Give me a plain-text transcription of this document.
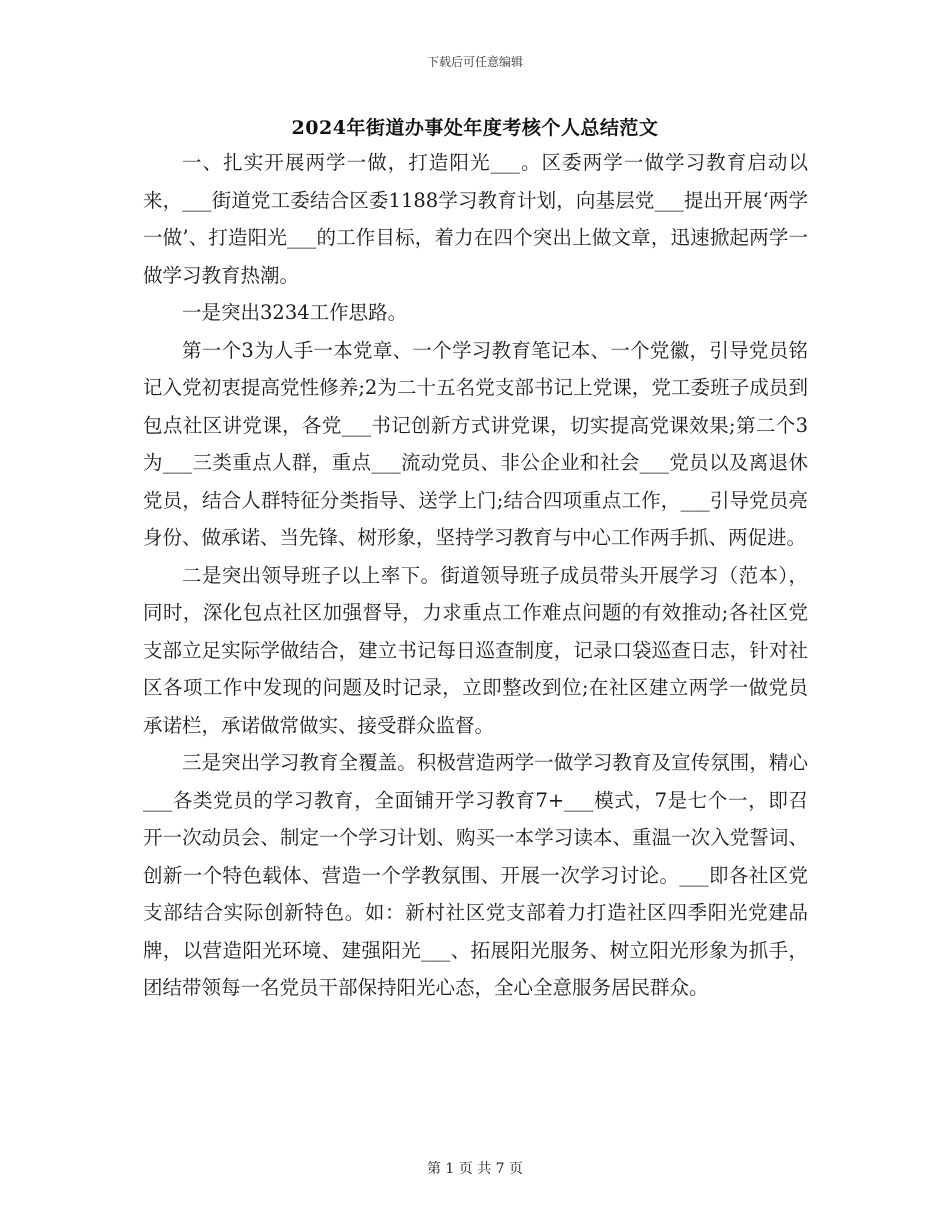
下载后可任意编辑
2024年街道办事处年度考核个人总结范文

一、扎实开展两学一做，打造阳光___。区委两学一做学习教育启动以来，___街道党工委结合区委1188学习教育计划，向基层党___提出开展‘两学一做’、打造阳光___的工作目标，着力在四个突出上做文章，迅速掀起两学一做学习教育热潮。

一是突出3234工作思路。

第一个3为人手一本党章、一个学习教育笔记本、一个党徽，引导党员铭记入党初衷提高党性修养;2为二十五名党支部书记上党课，党工委班子成员到包点社区讲党课，各党___书记创新方式讲党课，切实提高党课效果;第二个3为___三类重点人群，重点___流动党员、非公企业和社会___党员以及离退休党员，结合人群特征分类指导、送学上门;结合四项重点工作，___引导党员亮身份、做承诺、当先锋、树形象，坚持学习教育与中心工作两手抓、两促进。

二是突出领导班子以上率下。街道领导班子成员带头开展学习（范本），同时，深化包点社区加强督导，力求重点工作难点问题的有效推动;各社区党支部立足实际学做结合，建立书记每日巡查制度，记录口袋巡查日志，针对社区各项工作中发现的问题及时记录，立即整改到位;在社区建立两学一做党员承诺栏，承诺做常做实、接受群众监督。

三是突出学习教育全覆盖。积极营造两学一做学习教育及宣传氛围，精心___各类党员的学习教育，全面铺开学习教育7+___模式，7是七个一，即召开一次动员会、制定一个学习计划、购买一本学习读本、重温一次入党誓词、创新一个特色载体、营造一个学教氛围、开展一次学习讨论。___即各社区党支部结合实际创新特色。如：新村社区党支部着力打造社区四季阳光党建品牌，以营造阳光环境、建强阳光___、拓展阳光服务、树立阳光形象为抓手，团结带领每一名党员干部保持阳光心态，全心全意服务居民群众。

第 1 页 共 7 页
